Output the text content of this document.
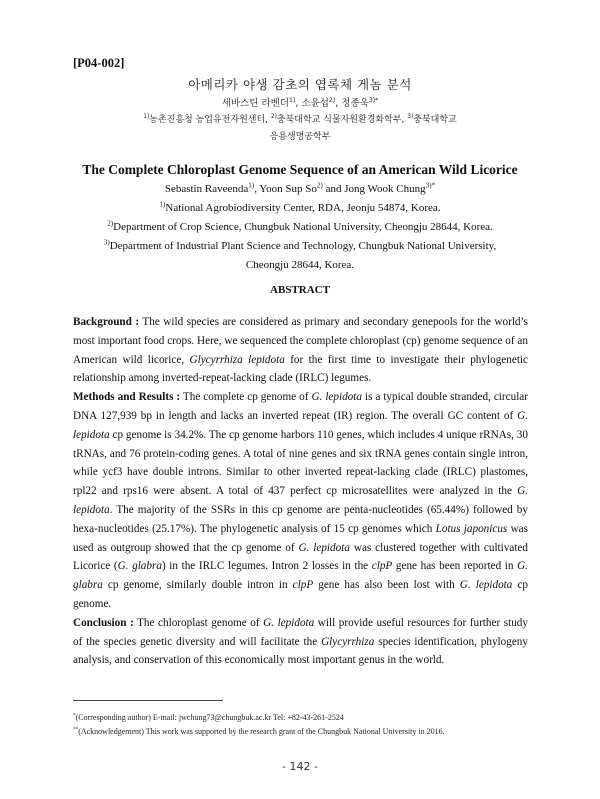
[P04-002]
아메리카 야생 감초의 엽록체 게놈 분석
세바스틴 라벤더$^{1)}$, 소윤섭$^{2)}$, 정종욱$^{3)*}$
$^{1)}$농촌진흥청 농업유전자원센터, $^{2)}$충북대학교 식물자원환경화학부, $^{3)}$충북대학교
응용생명공학부
The Complete Chloroplast Genome Sequence of an American Wild Licorice
Sebastin Raveenda$^{1)}$, Yoon Sup So$^{2)}$ and Jong Wook Chung$^{3)*}$
$^{1)}$National Agrobiodiversity Center, RDA, Jeonju 54874, Korea.
$^{2)}$Department of Crop Science, Chungbuk National University, Cheongju 28644, Korea.
$^{3)}$Department of Industrial Plant Science and Technology, Chungbuk National University,
Cheongju 28644, Korea.
ABSTRACT

Background : The wild species are considered as primary and secondary genepools for the world’s most important food crops. Here, we sequenced the complete chloroplast (cp) genome sequence of an American wild licorice, Glycyrrhiza lepidota for the first time to investigate their phylogenetic relationship among inverted-repeat-lacking clade (IRLC) legumes.

Methods and Results : The complete cp genome of G. lepidota is a typical double stranded, circular DNA 127,939 bp in length and lacks an inverted repeat (IR) region. The overall GC content of G. lepidota cp genome is 34.2%. The cp genome harbors 110 genes, which includes 4 unique rRNAs, 30 tRNAs, and 76 protein-coding genes. A total of nine genes and six tRNA genes contain single intron, while ycf3 have double introns. Similar to other inverted repeat-lacking clade (IRLC) plastomes, rpl22 and rps16 were absent. A total of 437 perfect cp microsatellites were analyzed in the G. lepidota. The majority of the SSRs in this cp genome are penta-nucleotides (65.44%) followed by hexa-nucleotides (25.17%). The phylogenetic analysis of 15 cp genomes which Lotus japonicus was used as outgroup showed that the cp genome of G. lepidota was clustered together with cultivated Licorice (G. glabra) in the IRLC legumes. Intron 2 losses in the clpP gene has been reported in G. glabra cp genome, similarly double intron in clpP gene has also been lost with G. lepidota cp genome.

Conclusion : The chloroplast genome of G. lepidota will provide useful resources for further study of the species genetic diversity and will facilitate the Glycyrrhiza species identification, phylogeny analysis, and conservation of this economically most important genus in the world.

*(Corresponding author) E-mail: jwchung73@chungbuk.ac.kr Tel: +82-43-261-2524
**(Acknowledgement) This work was supported by the research grant of the Chungbuk National University in 2016.
- 142 -
